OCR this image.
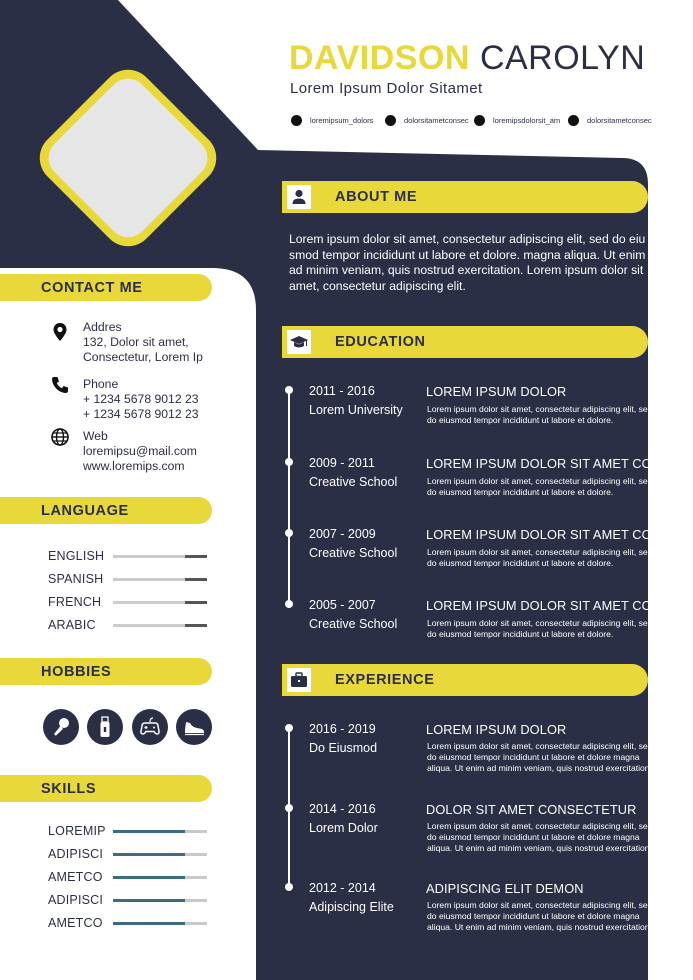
DAVIDSON CAROLYN
Lorem Ipsum Dolor Sitamet
loremipsum_dolors	dolorsitametconsec	loremipsdolorsit_am	dolorsitametconsec
CONTACT ME
Addres
132, Dolor sit amet,
Consectetur, Lorem Ip
Phone
+ 1234 5678 9012 23
+ 1234 5678 9012 23
Web
loremipsu@mail.com
www.loremips.com
LANGUAGE
ENGLISH
SPANISH
FRENCH
ARABIC
HOBBIES
SKILLS
LOREMIP
ADIPISCI
AMETCO
ADIPISCI
AMETCO
ABOUT ME
Lorem ipsum dolor sit amet, consectetur adipiscing elit, sed do eiu smod tempor incididunt ut labore et dolore. magna aliqua. Ut enim ad minim veniam, quis nostrud exercitation. Lorem ipsum dolor sit amet, consectetur adipiscing elit.
EDUCATION
2011 - 2016
Lorem University
LOREM IPSUM DOLOR
Lorem ipsum dolor sit amet, consectetur adipiscing elit, sed do eiusmod tempor incididunt ut labore et dolore.
2009 - 2011
Creative School
LOREM IPSUM DOLOR SIT AMET CON
Lorem ipsum dolor sit amet, consectetur adipiscing elit, sed do eiusmod tempor incididunt ut labore et dolore.
2007 - 2009
Creative School
LOREM IPSUM DOLOR SIT AMET CON
Lorem ipsum dolor sit amet, consectetur adipiscing elit, sed do eiusmod tempor incididunt ut labore et dolore.
2005 - 2007
Creative School
LOREM IPSUM DOLOR SIT AMET CON
Lorem ipsum dolor sit amet, consectetur adipiscing elit, sed do eiusmod tempor incididunt ut labore et dolore.
EXPERIENCE
2016 - 2019
Do Eiusmod
LOREM IPSUM DOLOR
Lorem ipsum dolor sit amet, consectetur adipiscing elit, sed do eiusmod tempor incididunt ut labore et dolore magna aliqua. Ut enim ad minim veniam, quis nostrud exercitation.
2014 - 2016
Lorem Dolor
DOLOR SIT AMET CONSECTETUR
Lorem ipsum dolor sit amet, consectetur adipiscing elit, sed do eiusmod tempor incididunt ut labore et dolore magna aliqua. Ut enim ad minim veniam, quis nostrud exercitation.
2012 - 2014
Adipiscing Elite
ADIPISCING ELIT DEMON
Lorem ipsum dolor sit amet, consectetur adipiscing elit, sed do eiusmod tempor incididunt ut labore et dolore magna aliqua. Ut enim ad minim veniam, quis nostrud exercitation.
